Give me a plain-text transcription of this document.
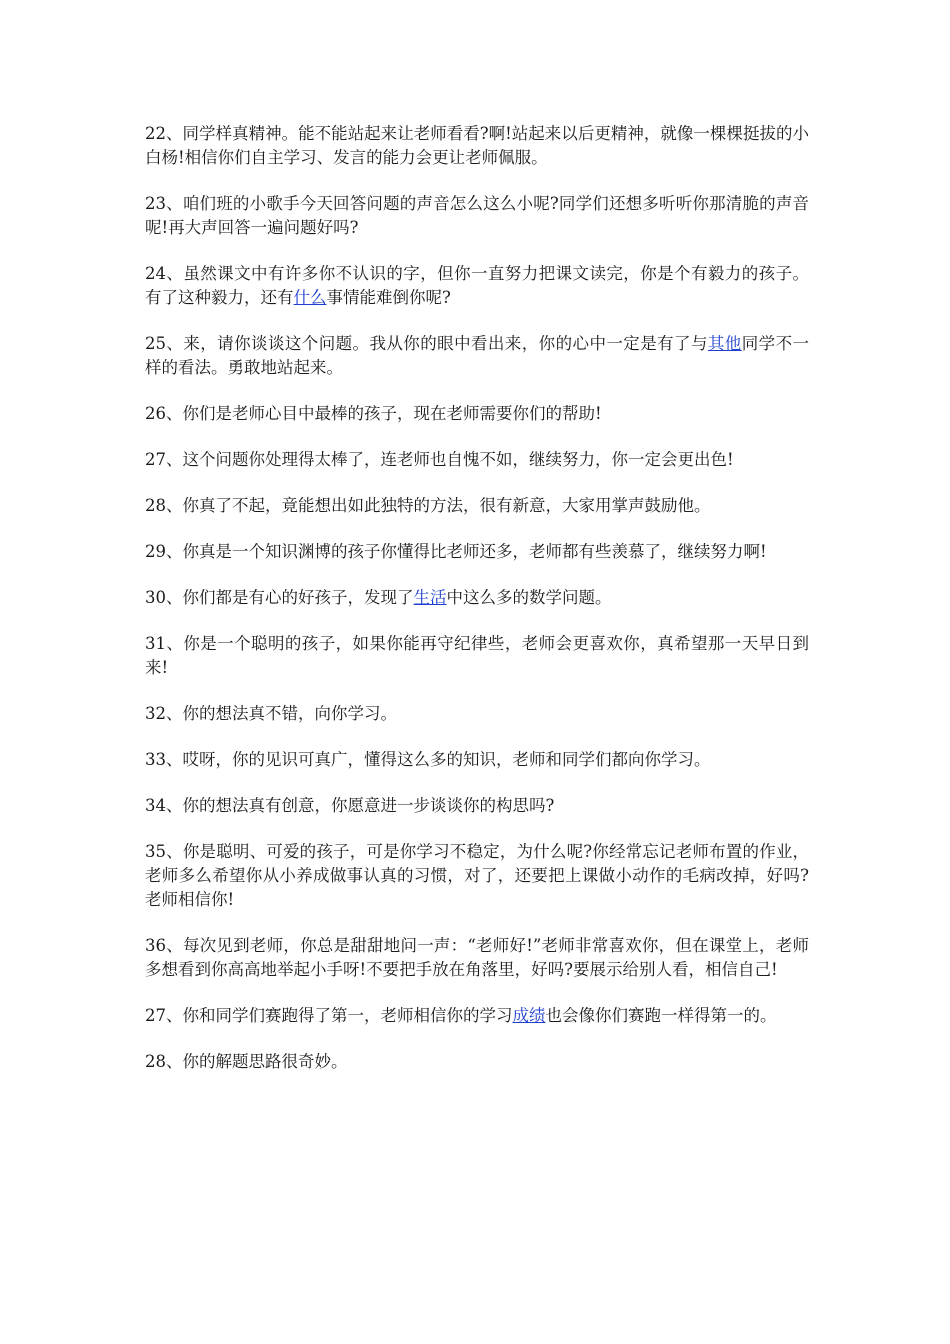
22、同学样真精神。能不能站起来让老师看看?啊!站起来以后更精神，就像一棵棵挺拔的小白杨!相信你们自主学习、发言的能力会更让老师佩服。

23、咱们班的小歌手今天回答问题的声音怎么这么小呢?同学们还想多听听你那清脆的声音呢!再大声回答一遍问题好吗?

24、虽然课文中有许多你不认识的字，但你一直努力把课文读完，你是个有毅力的孩子。有了这种毅力，还有什么事情能难倒你呢?

25、来，请你谈谈这个问题。我从你的眼中看出来，你的心中一定是有了与其他同学不一样的看法。勇敢地站起来。

26、你们是老师心目中最棒的孩子，现在老师需要你们的帮助!

27、这个问题你处理得太棒了，连老师也自愧不如，继续努力，你一定会更出色!

28、你真了不起，竟能想出如此独特的方法，很有新意，大家用掌声鼓励他。

29、你真是一个知识渊博的孩子你懂得比老师还多，老师都有些羡慕了，继续努力啊!

30、你们都是有心的好孩子，发现了生活中这么多的数学问题。

31、你是一个聪明的孩子，如果你能再守纪律些，老师会更喜欢你，真希望那一天早日到来!

32、你的想法真不错，向你学习。

33、哎呀，你的见识可真广，懂得这么多的知识，老师和同学们都向你学习。

34、你的想法真有创意，你愿意进一步谈谈你的构思吗?

35、你是聪明、可爱的孩子，可是你学习不稳定，为什么呢?你经常忘记老师布置的作业，老师多么希望你从小养成做事认真的习惯，对了，还要把上课做小动作的毛病改掉，好吗?老师相信你!

36、每次见到老师，你总是甜甜地问一声：“老师好!”老师非常喜欢你，但在课堂上，老师多想看到你高高地举起小手呀!不要把手放在角落里，好吗?要展示给别人看，相信自己!

27、你和同学们赛跑得了第一，老师相信你的学习成绩也会像你们赛跑一样得第一的。

28、你的解题思路很奇妙。
